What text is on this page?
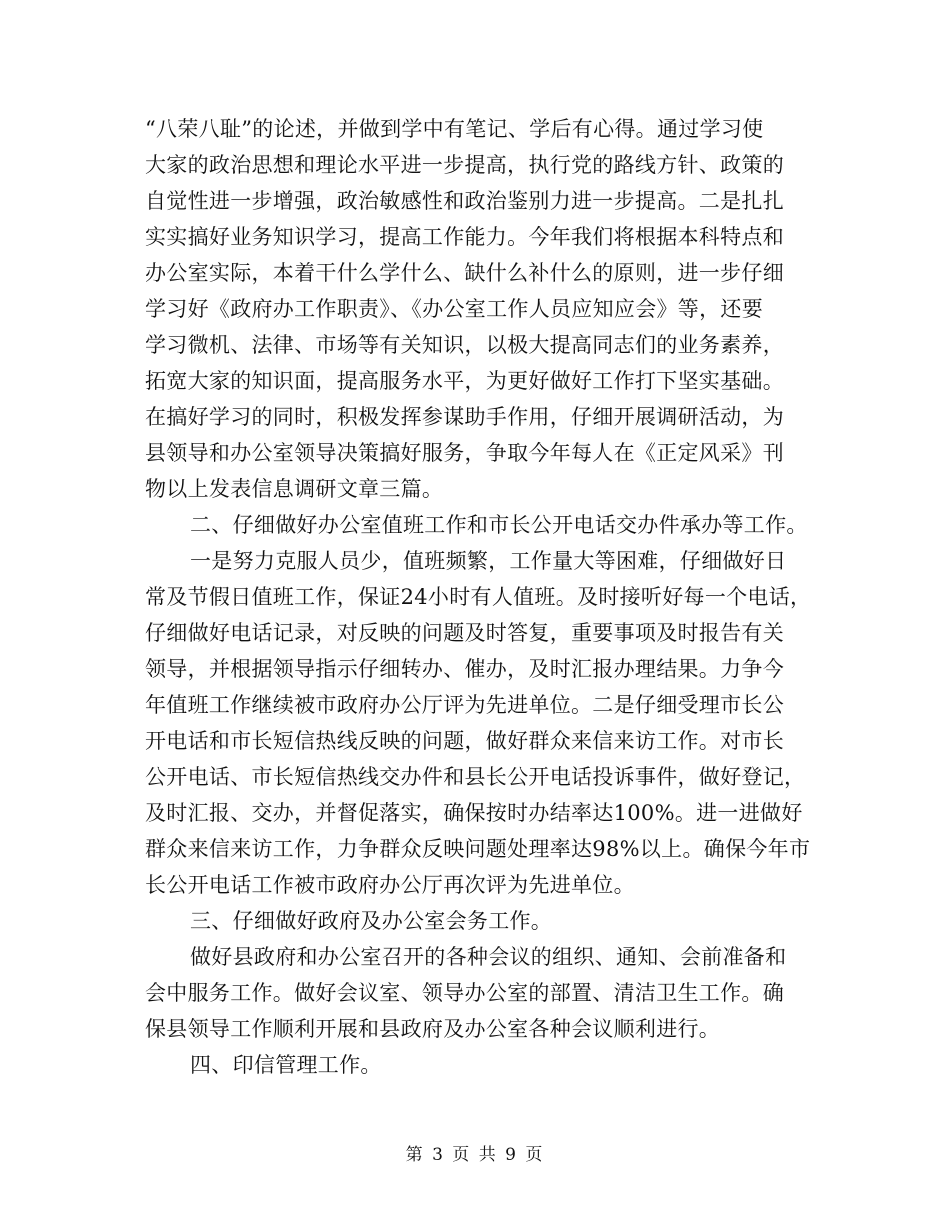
“八荣八耻”的论述，并做到学中有笔记、学后有心得。通过学习使
大家的政治思想和理论水平进一步提高，执行党的路线方针、政策的
自觉性进一步增强，政治敏感性和政治鉴别力进一步提高。二是扎扎
实实搞好业务知识学习，提高工作能力。今年我们将根据本科特点和
办公室实际，本着干什么学什么、缺什么补什么的原则，进一步仔细
学习好《政府办工作职责》、《办公室工作人员应知应会》等，还要
学习微机、法律、市场等有关知识，以极大提高同志们的业务素养，
拓宽大家的知识面，提高服务水平，为更好做好工作打下坚实基础。
在搞好学习的同时，积极发挥参谋助手作用，仔细开展调研活动，为
县领导和办公室领导决策搞好服务，争取今年每人在《正定风采》刊
物以上发表信息调研文章三篇。
二、仔细做好办公室值班工作和市长公开电话交办件承办等工作。
一是努力克服人员少，值班频繁，工作量大等困难，仔细做好日
常及节假日值班工作，保证24小时有人值班。及时接听好每一个电话，
仔细做好电话记录，对反映的问题及时答复，重要事项及时报告有关
领导，并根据领导指示仔细转办、催办，及时汇报办理结果。力争今
年值班工作继续被市政府办公厅评为先进单位。二是仔细受理市长公
开电话和市长短信热线反映的问题，做好群众来信来访工作。对市长
公开电话、市长短信热线交办件和县长公开电话投诉事件，做好登记，
及时汇报、交办，并督促落实，确保按时办结率达100%。进一进做好
群众来信来访工作，力争群众反映问题处理率达98%以上。确保今年市
长公开电话工作被市政府办公厅再次评为先进单位。
三、仔细做好政府及办公室会务工作。
做好县政府和办公室召开的各种会议的组织、通知、会前准备和
会中服务工作。做好会议室、领导办公室的部置、清洁卫生工作。确
保县领导工作顺利开展和县政府及办公室各种会议顺利进行。
四、印信管理工作。
第 3 页 共 9 页
